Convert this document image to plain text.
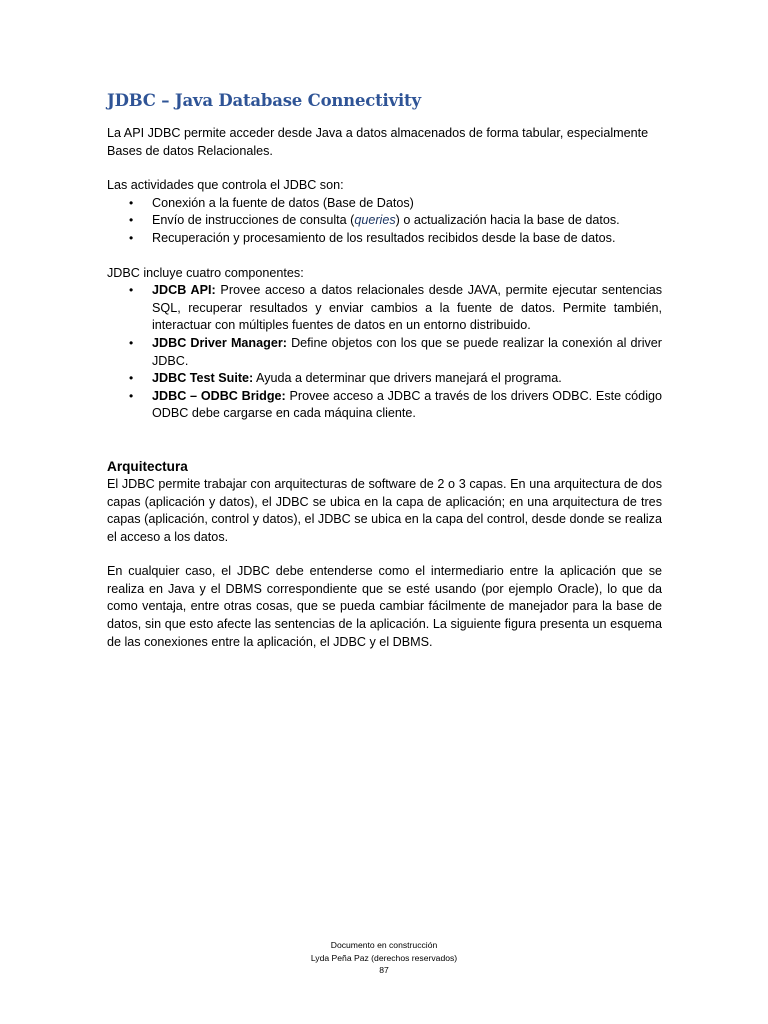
JDBC – Java Database Connectivity

La API JDBC permite acceder desde Java a datos almacenados de forma tabular, especialmente Bases de datos Relacionales.

Las actividades que controla el JDBC son:

• Conexión a la fuente de datos (Base de Datos)
• Envío de instrucciones de consulta (queries) o actualización hacia la base de datos.
• Recuperación y procesamiento de los resultados recibidos desde la base de datos.

JDBC incluye cuatro componentes:

• JDCB API: Provee acceso a datos relacionales desde JAVA, permite ejecutar sentencias SQL, recuperar resultados y enviar cambios a la fuente de datos. Permite también, interactuar con múltiples fuentes de datos en un entorno distribuido.
• JDBC Driver Manager: Define objetos con los que se puede realizar la conexión al driver JDBC.
• JDBC Test Suite: Ayuda a determinar que drivers manejará el programa.
• JDBC – ODBC Bridge: Provee acceso a JDBC a través de los drivers ODBC. Este código ODBC debe cargarse en cada máquina cliente.

Arquitectura

El JDBC permite trabajar con arquitecturas de software de 2 o 3 capas. En una arquitectura de dos capas (aplicación y datos), el JDBC se ubica en la capa de aplicación; en una arquitectura de tres capas (aplicación, control y datos), el JDBC se ubica en la capa del control, desde donde se realiza el acceso a los datos.

En cualquier caso, el JDBC debe entenderse como el intermediario entre la aplicación que se realiza en Java y el DBMS correspondiente que se esté usando (por ejemplo Oracle), lo que da como ventaja, entre otras cosas, que se pueda cambiar fácilmente de manejador para la base de datos, sin que esto afecte las sentencias de la aplicación. La siguiente figura presenta un esquema de las conexiones entre la aplicación, el JDBC y el DBMS.

Documento en construcción
Lyda Peña Paz (derechos reservados)
87
